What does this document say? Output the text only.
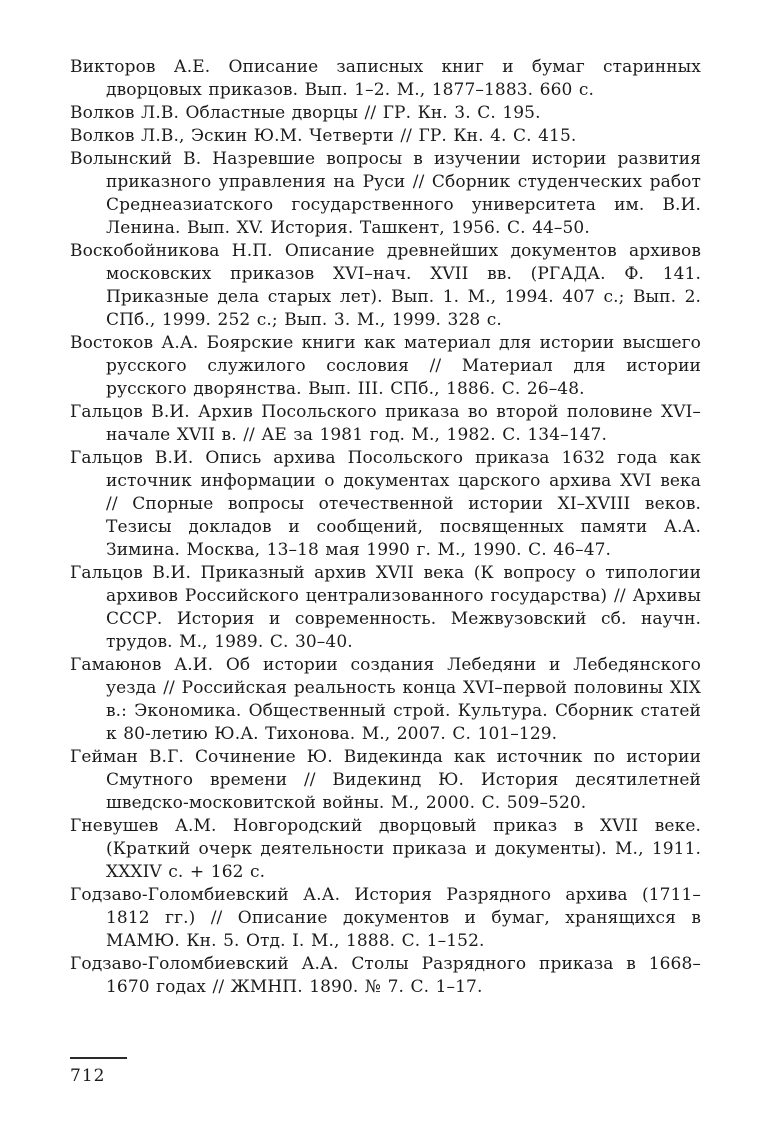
Викторов А.Е. Описание записных книг и бумаг старинных дворцовых приказов. Вып. 1–2. М., 1877–1883. 660 с.

Волков Л.В. Областные дворцы // ГР. Кн. 3. С. 195.

Волков Л.В., Эскин Ю.М. Четверти // ГР. Кн. 4. С. 415.

Волынский В. Назревшие вопросы в изучении истории развития приказного управления на Руси // Сборник студенческих работ Среднеазиатского государственного университета им. В.И. Ленина. Вып. XV. История. Ташкент, 1956. С. 44–50.

Воскобойникова Н.П. Описание древнейших документов архивов московских приказов XVI–нач. XVII вв. (РГАДА. Ф. 141. Приказные дела старых лет). Вып. 1. М., 1994. 407 с.; Вып. 2. СПб., 1999. 252 с.; Вып. 3. М., 1999. 328 с.

Востоков А.А. Боярские книги как материал для истории высшего русского служилого сословия // Материал для истории русского дворянства. Вып. III. СПб., 1886. С. 26–48.

Гальцов В.И. Архив Посольского приказа во второй половине XVI–начале XVII в. // АЕ за 1981 год. М., 1982. С. 134–147.

Гальцов В.И. Опись архива Посольского приказа 1632 года как источник информации о документах царского архива XVI века // Спорные вопросы отечественной истории XI–XVIII веков. Тезисы докладов и сообщений, посвященных памяти А.А. Зимина. Москва, 13–18 мая 1990 г. М., 1990. С. 46–47.

Гальцов В.И. Приказный архив XVII века (К вопросу о типологии архивов Российского централизованного государства) // Архивы СССР. История и современность. Межвузовский сб. научн. трудов. М., 1989. С. 30–40.

Гамаюнов А.И. Об истории создания Лебедяни и Лебедянского уезда // Российская реальность конца XVI–первой половины XIX в.: Экономика. Общественный строй. Культура. Сборник статей к 80-летию Ю.А. Тихонова. М., 2007. С. 101–129.

Гейман В.Г. Сочинение Ю. Видекинда как источник по истории Смутного времени // Видекинд Ю. История десятилетней шведско-московитской войны. М., 2000. С. 509–520.

Гневушев А.М. Новгородский дворцовый приказ в XVII веке. (Краткий очерк деятельности приказа и документы). М., 1911. XXXIV с. + 162 с.

Годзаво-Голомбиевский А.А. История Разрядного архива (1711–1812 гг.) // Описание документов и бумаг, хранящихся в МАМЮ. Кн. 5. Отд. I. М., 1888. С. 1–152.

Годзаво-Голомбиевский А.А. Столы Разрядного приказа в 1668–1670 годах // ЖМНП. 1890. № 7. С. 1–17.

712
